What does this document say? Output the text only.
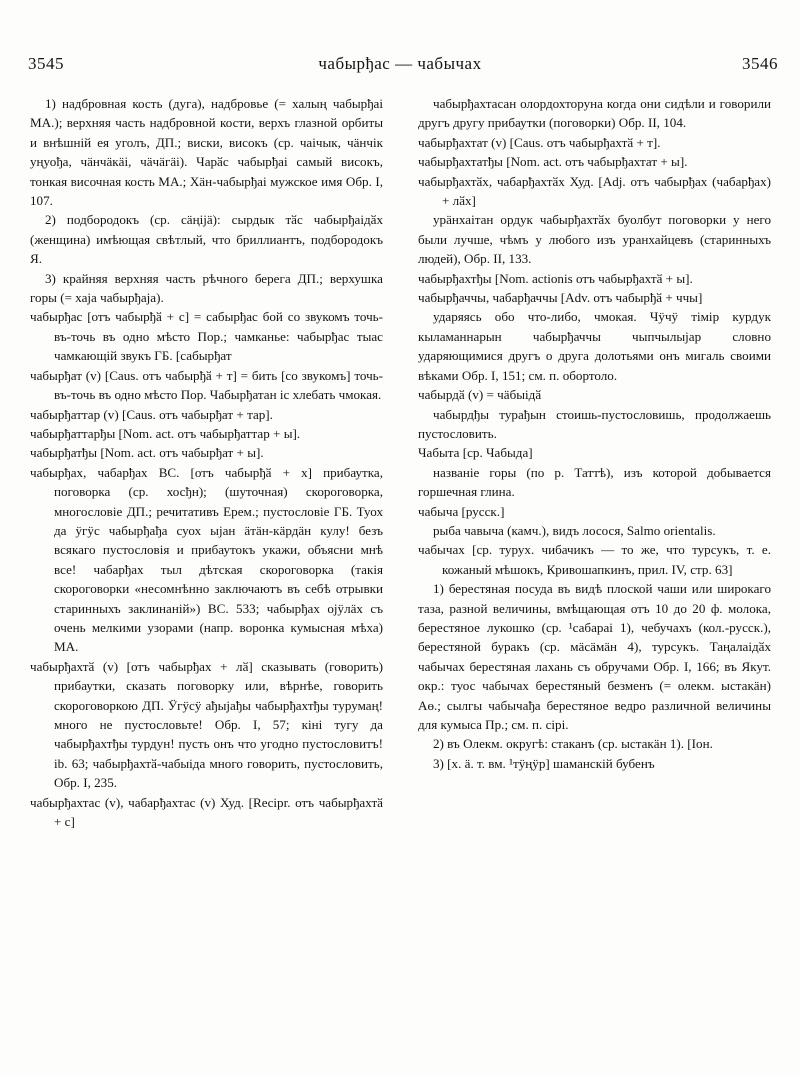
3545	чабырђас — чабычах	3546

1) надбровная кость (дуга), надбровье (= халың чабырђаі МА.); верхняя часть надбровной кости, верхъ глазной орбиты и внѣшній ея уголъ, ДП.; виски, високъ (ср. чаічык, чӓнчік уңуођа, чӓнчӓкӓі, чӓчӓгӓі). Чарӑс чабырђаі самый високъ, тонкая височная кость МА.; Хӓн-чабырђаі мужское имя Обр. I, 107.

2) подбородокъ (ср. сӓңijӓ): сырдык тӑс чабырђаідӑх (женщина) имѣющая свѣтлый, что бриллиантъ, подбородокъ Я.

3) крайняя верхняя часть рѣчного берега ДП.; верхушка горы (= хаја чабырђаја).

чабырђас [отъ чабырђӑ + с] = сабырђас бой со звукомъ точь-въ-точь въ одно мѣсто Пор.; чамканье: чабырђас тыас чамкающій звукъ ГБ. [сабырђат

чабырђат (v) [Caus. отъ чабырђӑ + т] = бить [со звукомъ] точь-въ-точь въ одно мѣсто Пор. Чабырђатан іс хлебать чмокая.

чабырђаттар (v) [Caus. отъ чабырђат + тар].

чабырђаттарђы [Nom. act. отъ чабырђаттар + ы].

чабырђатђы [Nom. act. отъ чабырђат + ы].

чабырђах, чабарђах ВС. [отъ чабырђӑ + х] прибаутка, поговорка (ср. хосђн); (шуточная) скороговорка, многословіе ДП.; речитативъ Ерем.; пустословіе ГБ. Туох да ӱгӱс чабырђађа суох ыјан ӓтӓн-кӓрдӓн кулу! безъ всякаго пустословія и прибаутокъ укажи, объясни мнѣ все! чабарђах тыл дѣтская скороговорка (такія скороговорки «несомнѣнно заключаютъ въ себѣ отрывки старинныхъ заклинаній») ВС. 533; чабырђах ојӱлӓх съ очень мелкими узорами (напр. воронка кумысная мѣха) МА.

чабырђахтӑ (v) [отъ чабырђах + лӑ] сказывать (говорить) прибаутки, сказать поговорку или, вѣрнѣе, говорить скороговоркою ДП. Ӱгӱсӱ ађыјађы чабырђахтђы турумаң! много не пустословьте! Обр. I, 57; кіні тугу да чабырђахтђы турдун! пусть онъ что угодно пустословитъ! ib. 63; чабырђахтӑ-чабыіда много говорить, пустословить, Обр. I, 235.

чабырђахтас (v), чабарђахтас (v) Худ. [Recipr. отъ чабырђахтӑ + с]

чабырђахтасан олордохторуна когда они сидѣли и говорили другъ другу прибаутки (поговорки) Обр. II, 104.

чабырђахтат (v) [Caus. отъ чабырђахтӑ + т].

чабырђахтатђы [Nom. act. отъ чабырђахтат + ы].

чабырђахтӑх, чабарђахтӑх Худ. [Adj. отъ чабырђах (чабарђах) + лӑх]

урӓнхаітан ордук чабырђахтӑх буолбут поговорки у него были лучше, чѣмъ у любого изъ уранхайцевъ (старинныхъ людей), Обр. II, 133.

чабырђахтђы [Nom. actionis отъ чабырђахтӑ + ы].

чабырђаччы, чабарђаччы [Adv. отъ чабырђӑ + ччы]

ударяясь обо что-либо, чмокая. Чӱчӱ тімір курдук кыламаннарын чабырђаччы чыпчылыјар словно ударяющимися другъ о друга долотьями онъ мигаль своими вѣками Обр. I, 151; см. п. обортоло.

чабырдӑ (v) = чӓбыідӑ

чабырдђы турађын стоишь-пустословишь, продолжаешь пустословить.

Чабыта [ср. Чабыда]

названіе горы (по р. Таттѣ), изъ которой добывается горшечная глина.

чабыча [русск.]

рыба чавыча (камч.), видъ лосося, Salmo orientalis.

чабычах [ср. турух. чибачикъ — то же, что турсукъ, т. е. кожаный мѣшокъ, Кривошапкинъ, прил. IV, стр. 63]

1) берестяная посуда въ видѣ плоской чаши или широкаго таза, разной величины, вмѣщающая отъ 10 до 20 ф. молока, берестяное лукошко (ср. ¹сабараі 1), чебучахъ (кол.-русск.), берестяной буракъ (ср. мӓсӓмӓн 4), турсукъ. Таңалаідӑх чабычах берестяная лахань съ обручами Обр. I, 166; въ Якут. окр.: туос чабычах берестяный безменъ (= олекм. ыстакӓн) Аө.; сылгы чабычађа берестяное ведро различной величины для кумыса Пр.; см. п. сірі.

2) въ Олекм. округѣ: стаканъ (ср. ыстакӓн 1). [Іон.

3) [х. ӓ. т. вм. ¹тӱңӱр] шаманскій бубенъ
